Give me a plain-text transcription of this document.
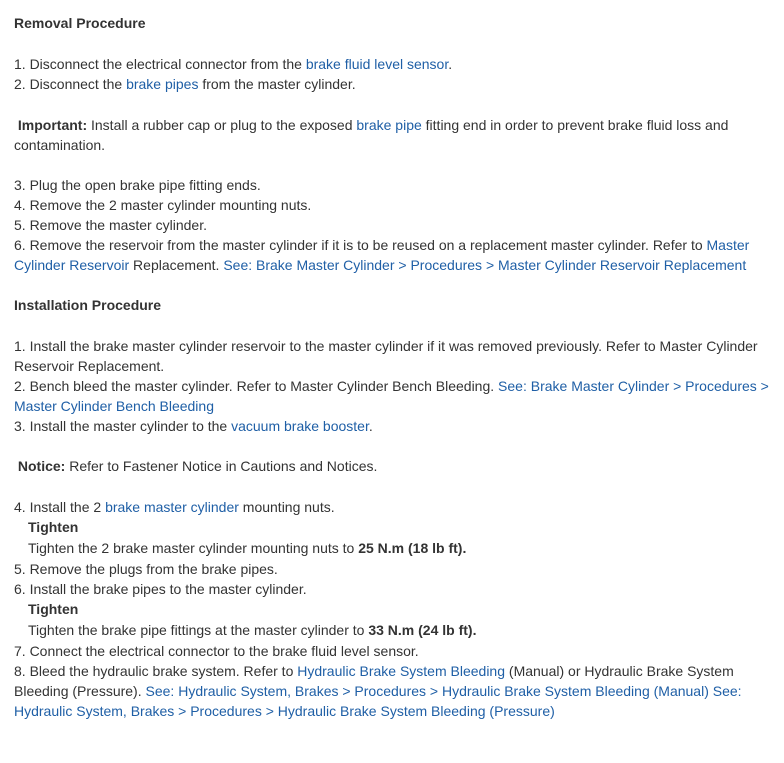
Removal Procedure
1. Disconnect the electrical connector from the brake fluid level sensor.
2. Disconnect the brake pipes from the master cylinder.
Important: Install a rubber cap or plug to the exposed brake pipe fitting end in order to prevent brake fluid loss and
contamination.
3. Plug the open brake pipe fitting ends.
4. Remove the 2 master cylinder mounting nuts.
5. Remove the master cylinder.
6. Remove the reservoir from the master cylinder if it is to be reused on a replacement master cylinder. Refer to Master
Cylinder Reservoir Replacement. See: Brake Master Cylinder > Procedures > Master Cylinder Reservoir Replacement
Installation Procedure
1. Install the brake master cylinder reservoir to the master cylinder if it was removed previously. Refer to Master Cylinder
Reservoir Replacement.
2. Bench bleed the master cylinder. Refer to Master Cylinder Bench Bleeding. See: Brake Master Cylinder > Procedures >
Master Cylinder Bench Bleeding
3. Install the master cylinder to the vacuum brake booster.
Notice: Refer to Fastener Notice in Cautions and Notices.
4. Install the 2 brake master cylinder mounting nuts.
Tighten
Tighten the 2 brake master cylinder mounting nuts to 25 N.m (18 lb ft).
5. Remove the plugs from the brake pipes.
6. Install the brake pipes to the master cylinder.
Tighten
Tighten the brake pipe fittings at the master cylinder to 33 N.m (24 lb ft).
7. Connect the electrical connector to the brake fluid level sensor.
8. Bleed the hydraulic brake system. Refer to Hydraulic Brake System Bleeding (Manual) or Hydraulic Brake System
Bleeding (Pressure). See: Hydraulic System, Brakes > Procedures > Hydraulic Brake System Bleeding (Manual) See:
Hydraulic System, Brakes > Procedures > Hydraulic Brake System Bleeding (Pressure)
